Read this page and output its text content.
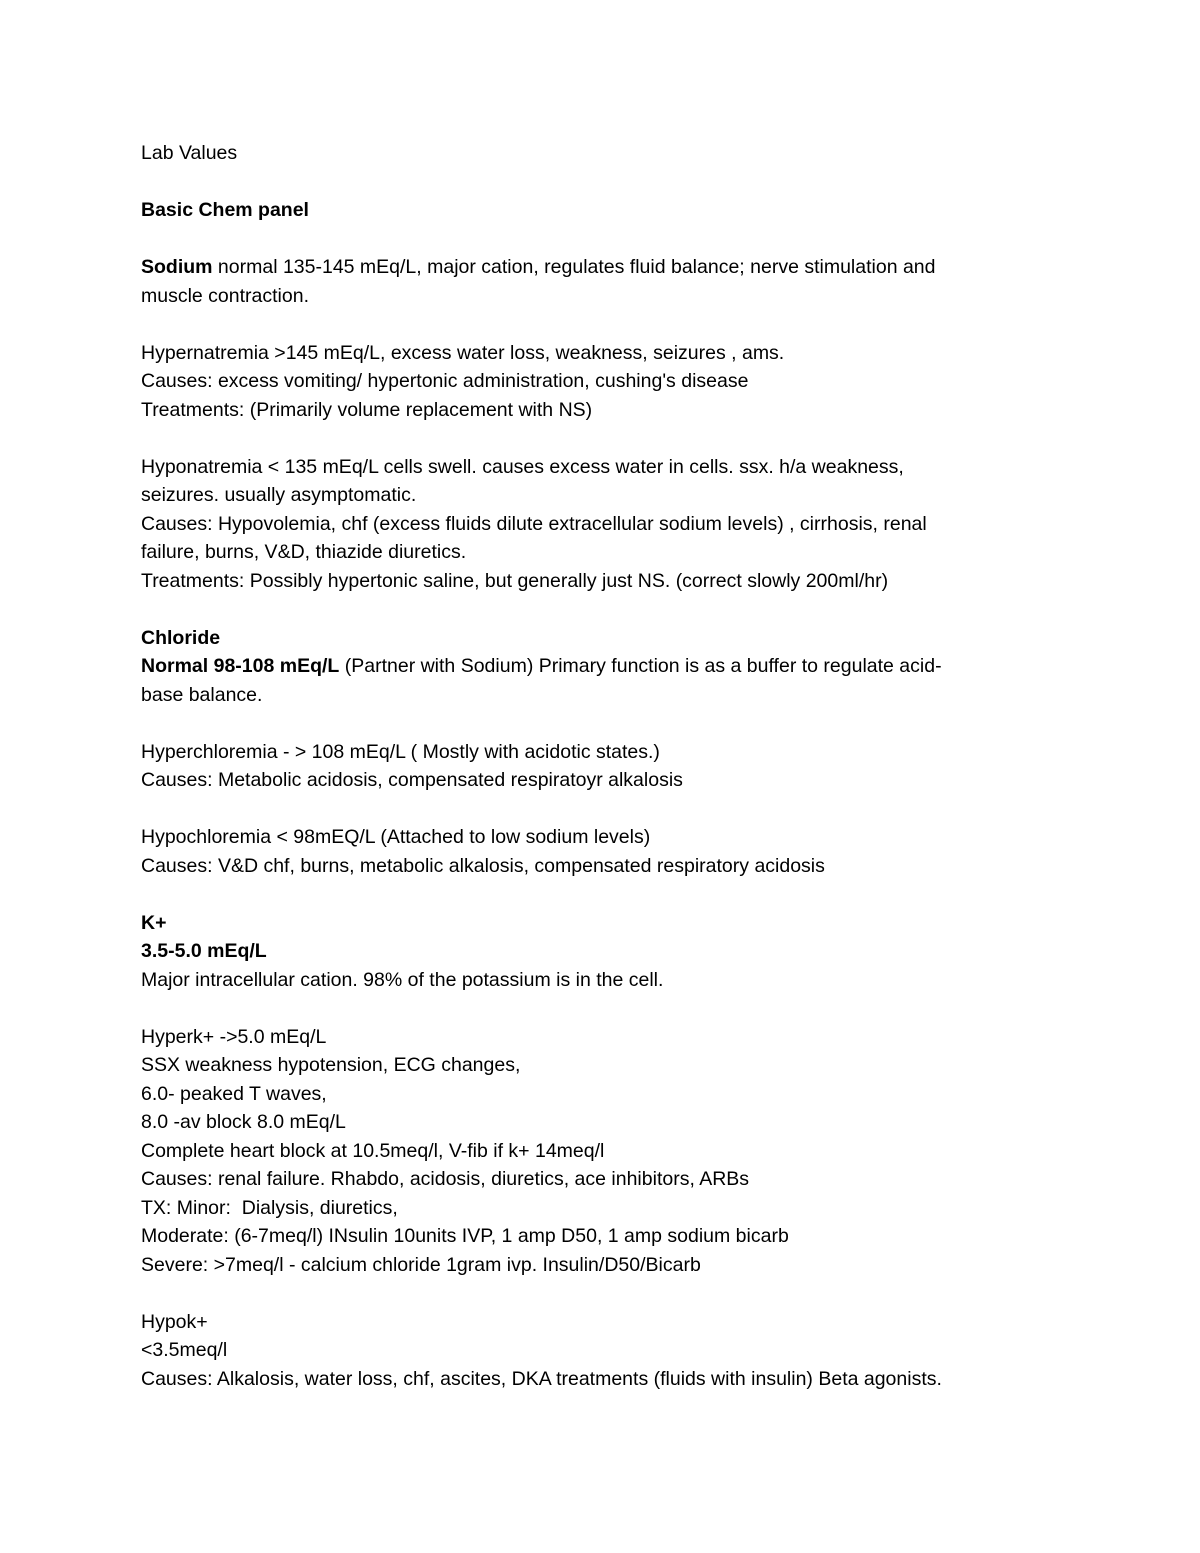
Lab Values
Basic Chem panel
Sodium normal 135-145 mEq/L, major cation, regulates fluid balance; nerve stimulation and
muscle contraction.
Hypernatremia >145 mEq/L, excess water loss, weakness, seizures , ams.
Causes: excess vomiting/ hypertonic administration, cushing's disease
Treatments: (Primarily volume replacement with NS)
Hyponatremia < 135 mEq/L cells swell. causes excess water in cells. ssx. h/a weakness,
seizures. usually asymptomatic.
Causes: Hypovolemia, chf (excess fluids dilute extracellular sodium levels) , cirrhosis, renal
failure, burns, V&D, thiazide diuretics.
Treatments: Possibly hypertonic saline, but generally just NS. (correct slowly 200ml/hr)
Chloride
Normal 98-108 mEq/L (Partner with Sodium) Primary function is as a buffer to regulate acid-
base balance.
Hyperchloremia - > 108 mEq/L ( Mostly with acidotic states.)
Causes: Metabolic acidosis, compensated respiratoyr alkalosis
Hypochloremia < 98mEQ/L (Attached to low sodium levels)
Causes: V&D chf, burns, metabolic alkalosis, compensated respiratory acidosis
K+
3.5-5.0 mEq/L
Major intracellular cation. 98% of the potassium is in the cell.
Hyperk+ ->5.0 mEq/L
SSX weakness hypotension, ECG changes,
6.0- peaked T waves,
8.0 -av block 8.0 mEq/L
Complete heart block at 10.5meq/l, V-fib if k+ 14meq/l
Causes: renal failure. Rhabdo, acidosis, diuretics, ace inhibitors, ARBs
TX: Minor:  Dialysis, diuretics,
Moderate: (6-7meq/l) INsulin 10units IVP, 1 amp D50, 1 amp sodium bicarb
Severe: >7meq/l - calcium chloride 1gram ivp. Insulin/D50/Bicarb
Hypok+
<3.5meq/l
Causes: Alkalosis, water loss, chf, ascites, DKA treatments (fluids with insulin) Beta agonists.
